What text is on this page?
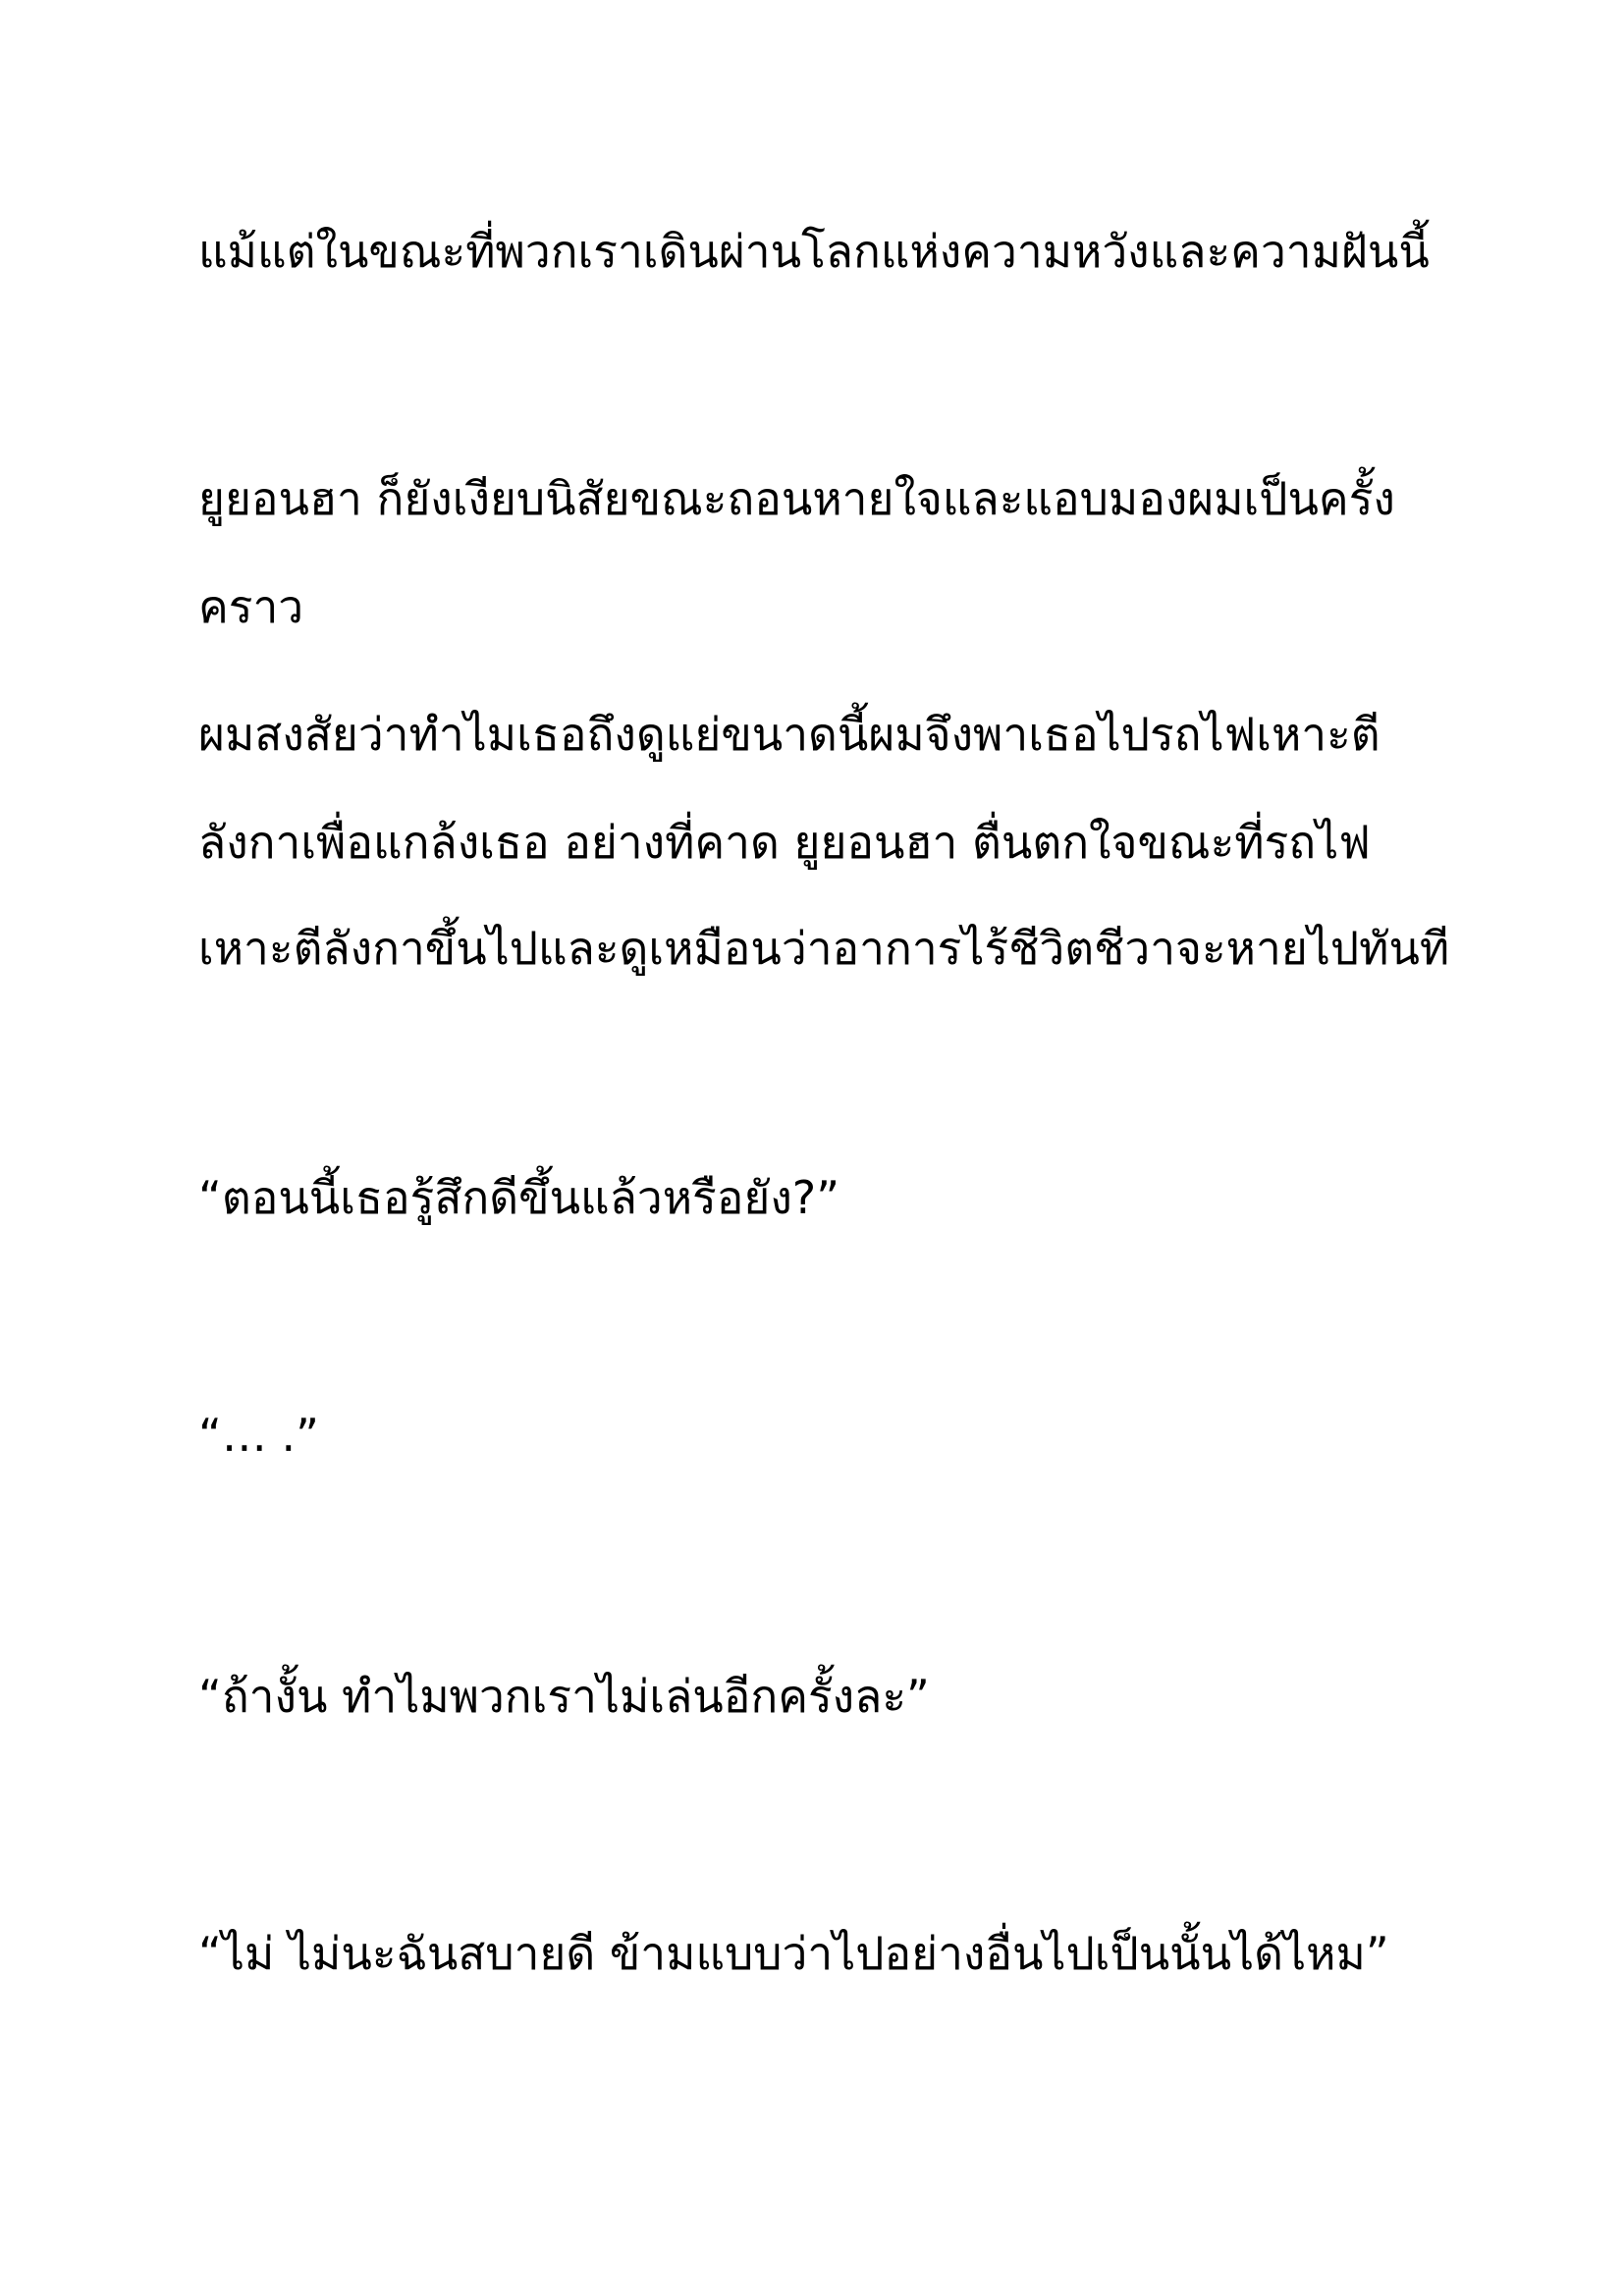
แม้แต่ในขณะที่พวกเราเดินผ่านโลกแห่งความหวังและความฝันนี้
ยูยอนฮา ก็ยังเงียบนิสัยขณะถอนหายใจและแอบมองผมเป็นครั้ง
คราว
ผมสงสัยว่าทำไมเธอถึงดูแย่ขนาดนี้ผมจึงพาเธอไปรถไฟเหาะตี
ลังกาเพื่อแกล้งเธอ อย่างที่คาด ยูยอนฮา ตื่นตกใจขณะที่รถไฟ
เหาะตีลังกาขึ้นไปและดูเหมือนว่าอาการไร้ชีวิตชีวาจะหายไปทันที
“ตอนนี้เธอรู้สึกดีขึ้นแล้วหรือยัง?”
“… .”
“ถ้างั้น ทำไมพวกเราไม่เล่นอีกครั้งละ”
“ไม่ ไม่นะฉันสบายดี ข้ามแบบว่าไปอย่างอื่นไปเป็นนั้นได้ไหม”
